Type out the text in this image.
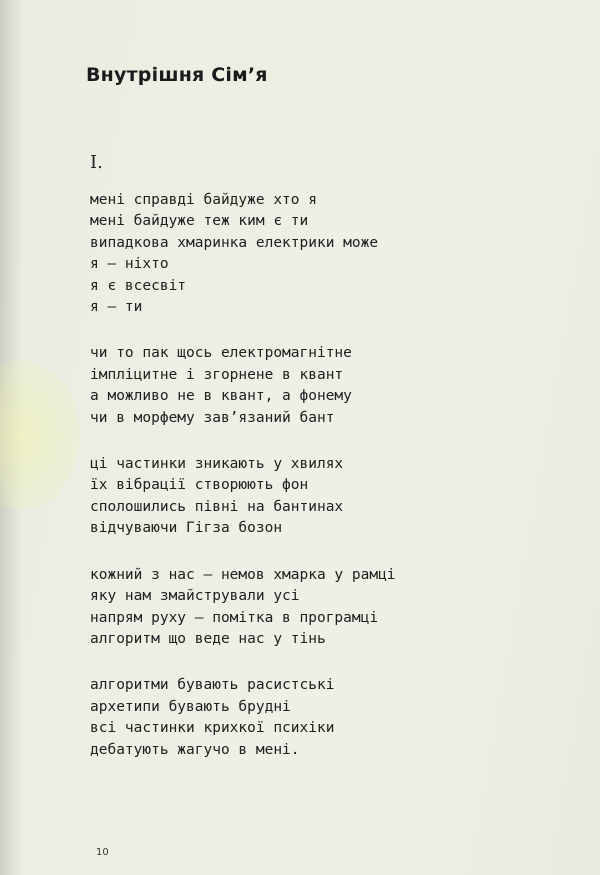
Внутрішня Сім’я
I.
мені справді байдуже хто я
мені байдуже теж ким є ти
випадкова хмаринка електрики може
я — ніхто
я є всесвіт
я — ти
чи то пак щось електромагнітне
імпліцитне і згорнене в квант
а можливо не в квант, а фонему
чи в морфему зав’язаний бант
ці частинки зникають у хвилях
їх вібрації створюють фон
сполошились півні на бантинах
відчуваючи Гігза бозон
кожний з нас — немов хмарка у рамці
яку нам змайстрували усі
напрям руху — помітка в програмці
алгоритм що веде нас у тінь
алгоритми бувають расистські
архетипи бувають брудні
всі частинки крихкої психіки
дебатують жагучо в мені.
10
